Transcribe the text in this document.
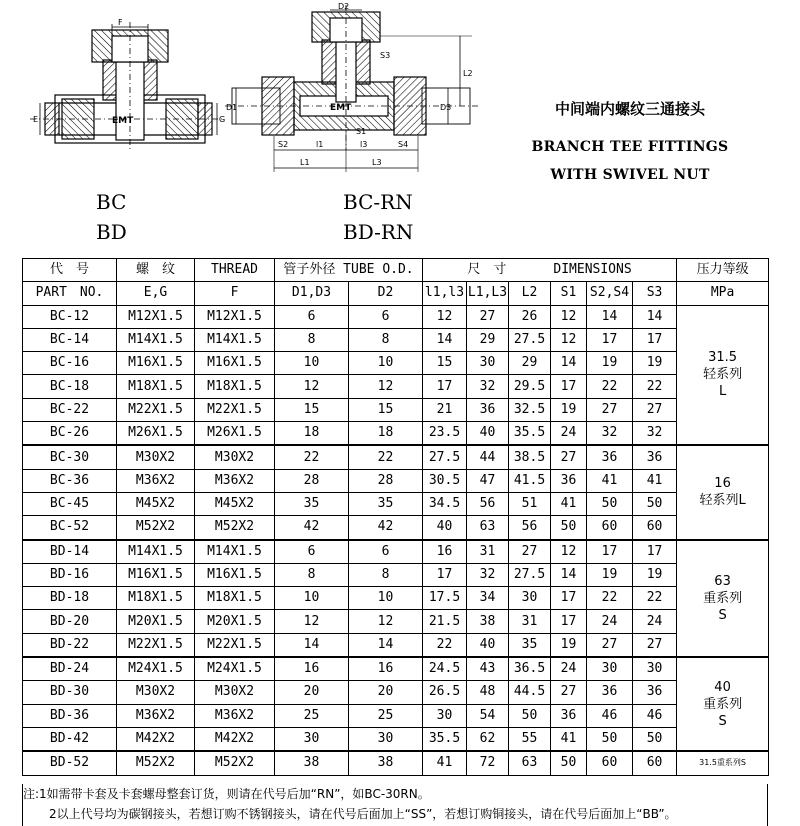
F
E	G
EMT
D2
S3
L2
D1	D3
S1
S2	l1	l3	S4
L1	L3
EMT
BC
BD
BC-RN
BD-RN
中间端内螺纹三通接头
BRANCH TEE FITTINGS
WITH SWIVEL NUT
代　号	螺　纹	THREAD	管子外径 TUBE O.D.		尺　寸 DIMENSIONS						压力等级
PART　NO.	E,G	F	D1,D3	D2	l1,l3	L1,L3	L2	S1	S2,S4	S3	MPa
BC-12	M12X1.5	M12X1.5	6	6	12	27	26	12	14	14	31.5
轻系列
L

BC-14	M14X1.5	M14X1.5	8	8	14	29	27.5	12	17	17	
BC-16	M16X1.5	M16X1.5	10	10	15	30	29	14	19	19	
BC-18	M18X1.5	M18X1.5	12	12	17	32	29.5	17	22	22	
BC-22	M22X1.5	M22X1.5	15	15	21	36	32.5	19	27	27	
BC-26	M26X1.5	M26X1.5	18	18	23.5	40	35.5	24	32	32	
BC-30	M30X2	M30X2	22	22	27.5	44	38.5	27	36	36	16
轻系列L

BC-36	M36X2	M36X2	28	28	30.5	47	41.5	36	41	41	
BC-45	M45X2	M45X2	35	35	34.5	56	51	41	50	50	
BC-52	M52X2	M52X2	42	42	40	63	56	50	60	60	
BD-14	M14X1.5	M14X1.5	6	6	16	31	27	12	17	17	63
重系列
S

BD-16	M16X1.5	M16X1.5	8	8	17	32	27.5	14	19	19	
BD-18	M18X1.5	M18X1.5	10	10	17.5	34	30	17	22	22	
BD-20	M20X1.5	M20X1.5	12	12	21.5	38	31	17	24	24	
BD-22	M22X1.5	M22X1.5	14	14	22	40	35	19	27	27	
BD-24	M24X1.5	M24X1.5	16	16	24.5	43	36.5	24	30	30	40
重系列
S

BD-30	M30X2	M30X2	20	20	26.5	48	44.5	27	36	36	
BD-36	M36X2	M36X2	25	25	30	54	50	36	46	46	
BD-42	M42X2	M42X2	30	30	35.5	62	55	41	50	50	
BD-52	M52X2	M52X2	38	38	41	72	63	50	60	60	31.5重系列S
注:1如需带卡套及卡套螺母整套订货，则请在代号后加“RN”，如BC-30RN。
2以上代号均为碳钢接头，若想订购不锈钢接头，请在代号后面加上“SS”，若想订购铜接头，请在代号后面加上“BB”。
